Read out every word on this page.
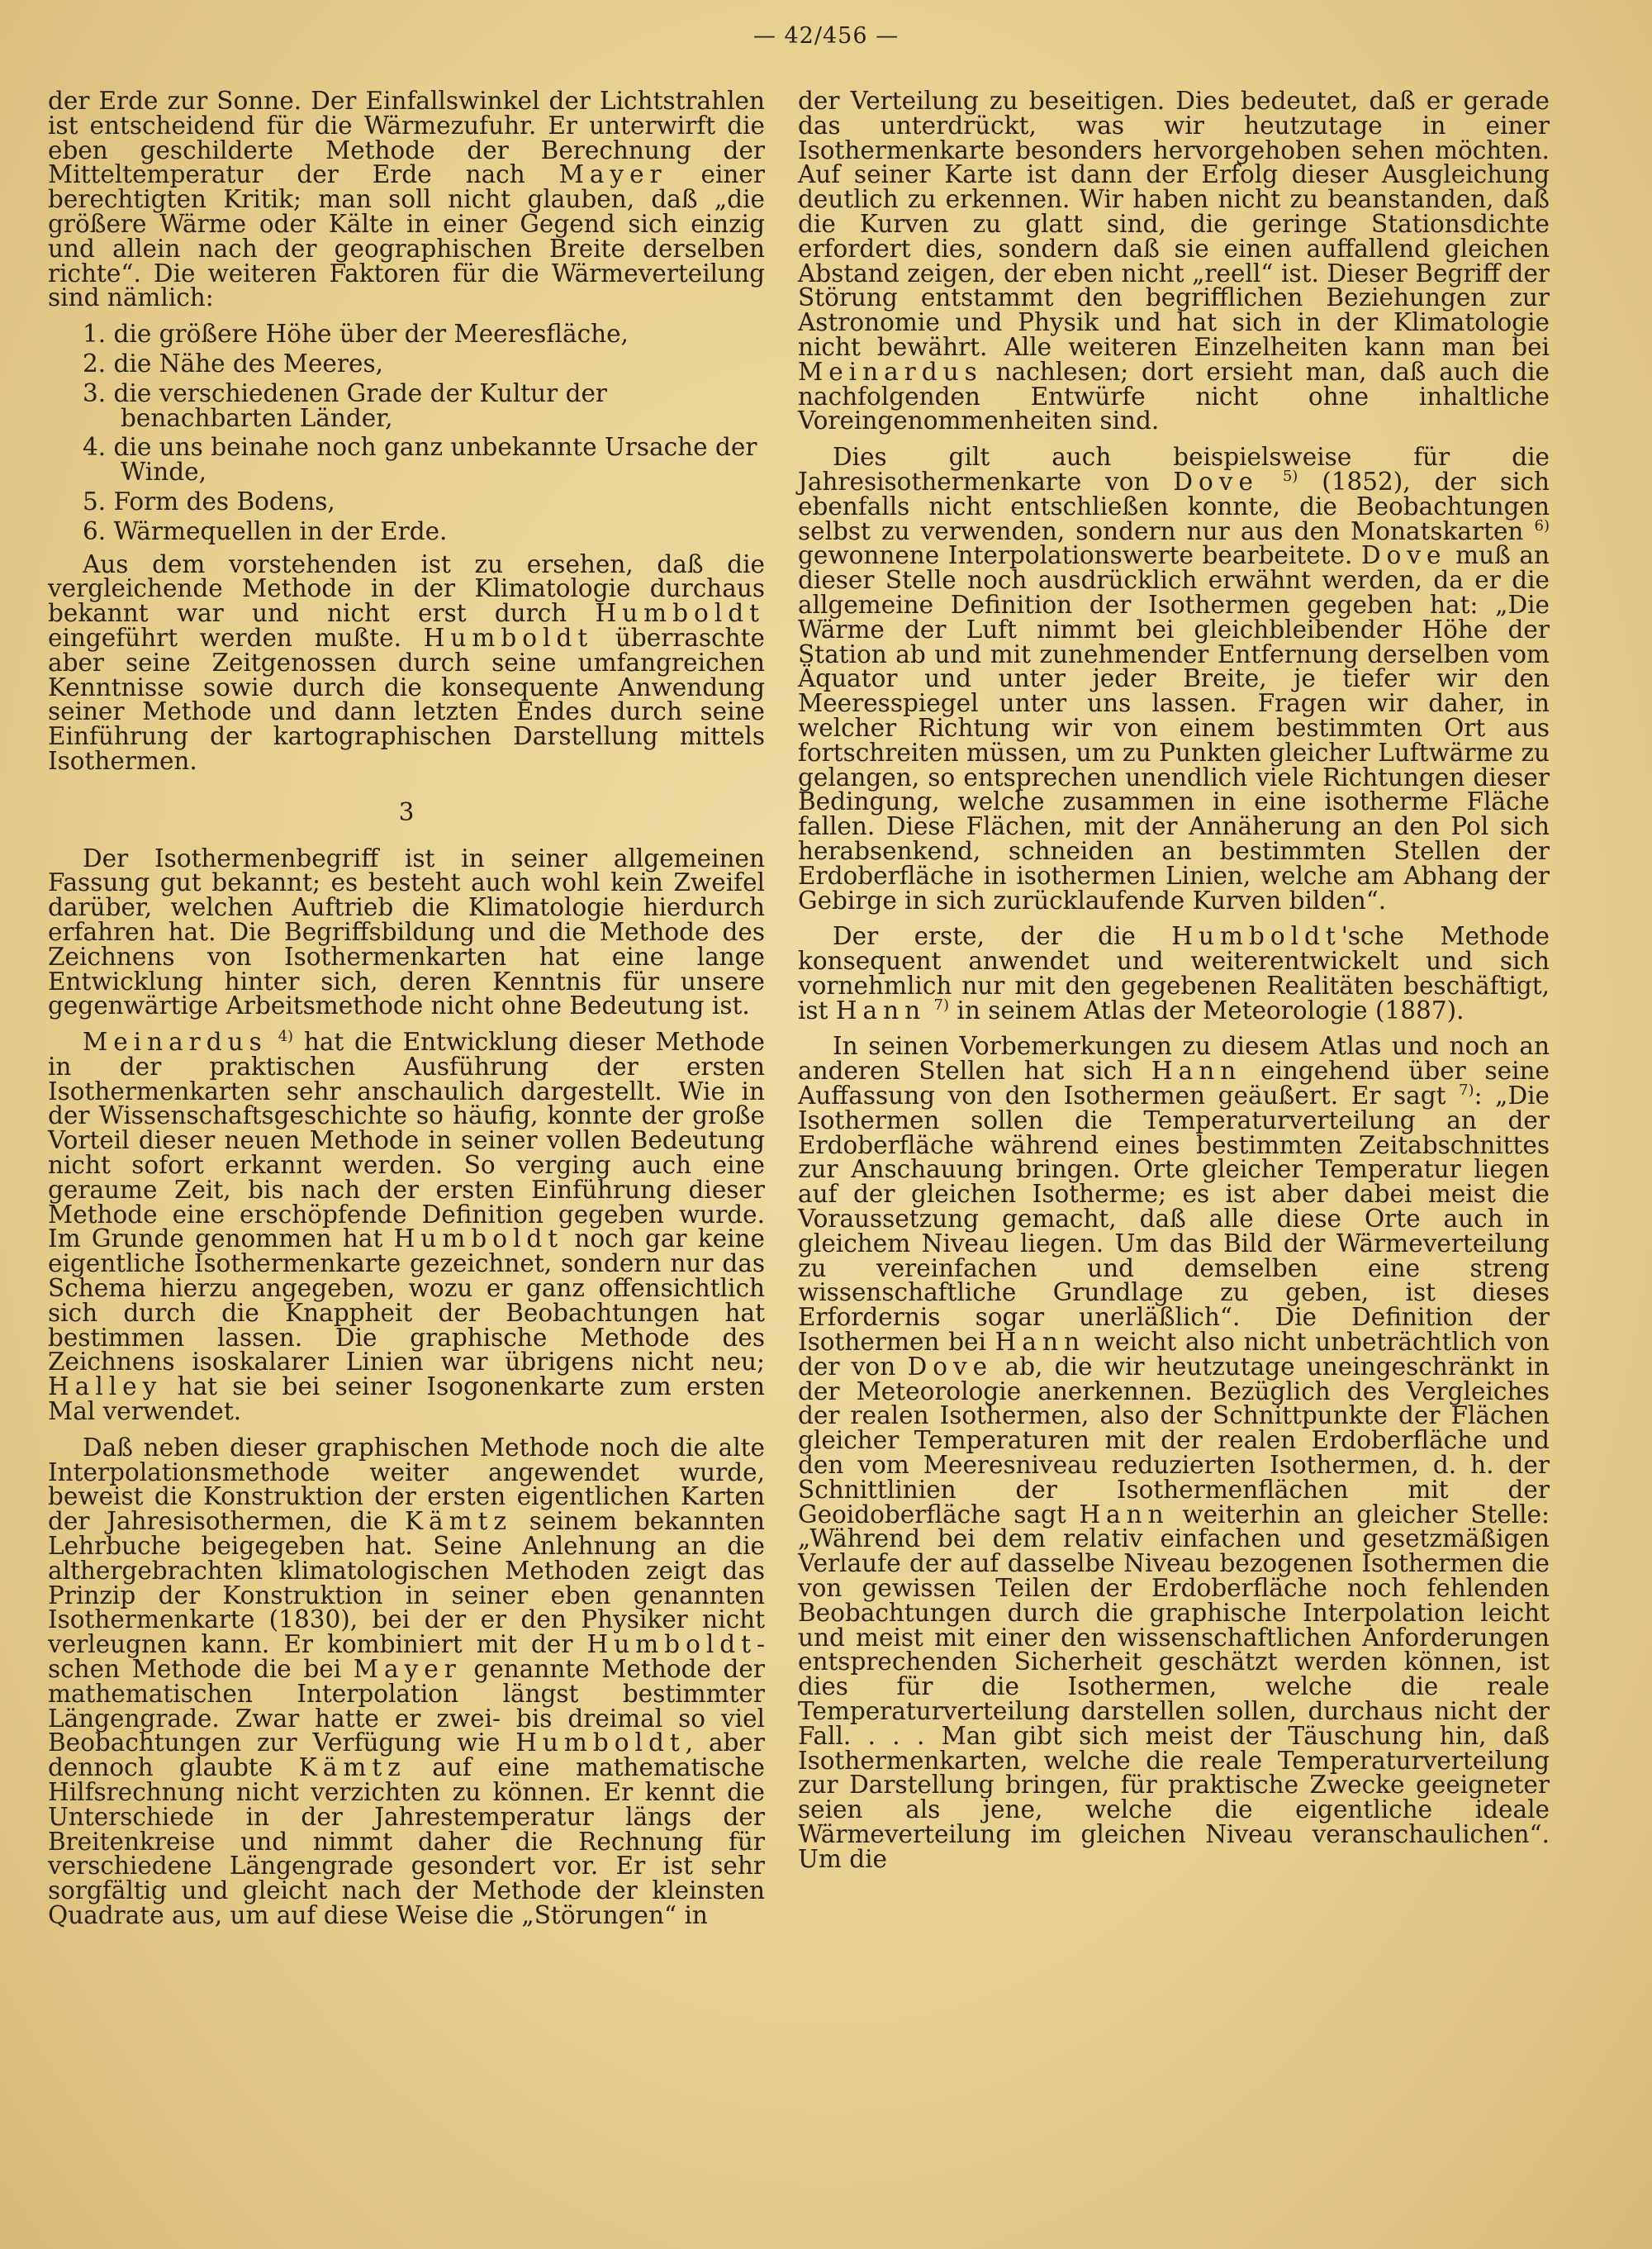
— 42/456 —

der Erde zur Sonne. Der Einfallswinkel der Lichtstrahlen ist entscheidend für die Wärmezufuhr. Er unterwirft die eben geschilderte Methode der Berechnung der Mitteltemperatur der Erde nach Mayer einer berechtigten Kritik; man soll nicht glauben, daß „die größere Wärme oder Kälte in einer Gegend sich einzig und allein nach der geographischen Breite derselben richte“. Die weiteren Faktoren für die Wärmeverteilung sind nämlich:

1. die größere Höhe über der Meeresfläche,
2. die Nähe des Meeres,
3. die verschiedenen Grade der Kultur der benachbarten Länder,
4. die uns beinahe noch ganz unbekannte Ursache der Winde,
5. Form des Bodens,
6. Wärmequellen in der Erde.

Aus dem vorstehenden ist zu ersehen, daß die vergleichende Methode in der Klimatologie durchaus bekannt war und nicht erst durch Humboldt eingeführt werden mußte. Humboldt überraschte aber seine Zeitgenossen durch seine umfangreichen Kenntnisse sowie durch die konsequente Anwendung seiner Methode und dann letzten Endes durch seine Einführung der kartographischen Darstellung mittels Isothermen.

3

Der Isothermenbegriff ist in seiner allgemeinen Fassung gut bekannt; es besteht auch wohl kein Zweifel darüber, welchen Auftrieb die Klimatologie hierdurch erfahren hat. Die Begriffsbildung und die Methode des Zeichnens von Isothermenkarten hat eine lange Entwicklung hinter sich, deren Kenntnis für unsere gegenwärtige Arbeitsmethode nicht ohne Bedeutung ist.

Meinardus $^{4)}$ hat die Entwicklung dieser Methode in der praktischen Ausführung der ersten Isothermenkarten sehr anschaulich dargestellt. Wie in der Wissenschaftsgeschichte so häufig, konnte der große Vorteil dieser neuen Methode in seiner vollen Bedeutung nicht sofort erkannt werden. So verging auch eine geraume Zeit, bis nach der ersten Einführung dieser Methode eine erschöpfende Definition gegeben wurde. Im Grunde genommen hat Humboldt noch gar keine eigentliche Isothermenkarte gezeichnet, sondern nur das Schema hierzu angegeben, wozu er ganz offensichtlich sich durch die Knappheit der Beobachtungen hat bestimmen lassen. Die graphische Methode des Zeichnens isoskalarer Linien war übrigens nicht neu; Halley hat sie bei seiner Isogonenkarte zum ersten Mal verwendet.

Daß neben dieser graphischen Methode noch die alte Interpolationsmethode weiter angewendet wurde, beweist die Konstruktion der ersten eigentlichen Karten der Jahresisothermen, die Kämtz seinem bekannten Lehrbuche beigegeben hat. Seine Anlehnung an die althergebrachten klimatologischen Methoden zeigt das Prinzip der Konstruktion in seiner eben genannten Isothermenkarte (1830), bei der er den Physiker nicht verleugnen kann. Er kombiniert mit der Humboldt-schen Methode die bei Mayer genannte Methode der mathematischen Interpolation längst bestimmter Längengrade. Zwar hatte er zwei- bis dreimal so viel Beobachtungen zur Verfügung wie Humboldt, aber dennoch glaubte Kämtz auf eine mathematische Hilfsrechnung nicht verzichten zu können. Er kennt die Unterschiede in der Jahrestemperatur längs der Breitenkreise und nimmt daher die Rechnung für verschiedene Längengrade gesondert vor. Er ist sehr sorgfältig und gleicht nach der Methode der kleinsten Quadrate aus, um auf diese Weise die „Störungen“ in

der Verteilung zu beseitigen. Dies bedeutet, daß er gerade das unterdrückt, was wir heutzutage in einer Isothermenkarte besonders hervorgehoben sehen möchten. Auf seiner Karte ist dann der Erfolg dieser Ausgleichung deutlich zu erkennen. Wir haben nicht zu beanstanden, daß die Kurven zu glatt sind, die geringe Stationsdichte erfordert dies, sondern daß sie einen auffallend gleichen Abstand zeigen, der eben nicht „reell“ ist. Dieser Begriff der Störung entstammt den begrifflichen Beziehungen zur Astronomie und Physik und hat sich in der Klimatologie nicht bewährt. Alle weiteren Einzelheiten kann man bei Meinardus nachlesen; dort ersieht man, daß auch die nachfolgenden Entwürfe nicht ohne inhaltliche Voreingenommenheiten sind.

Dies gilt auch beispielsweise für die Jahresisothermenkarte von Dove $^{5)}$ (1852), der sich ebenfalls nicht entschließen konnte, die Beobachtungen selbst zu verwenden, sondern nur aus den Monatskarten $^{6)}$ gewonnene Interpolationswerte bearbeitete. Dove muß an dieser Stelle noch ausdrücklich erwähnt werden, da er die allgemeine Definition der Isothermen gegeben hat: „Die Wärme der Luft nimmt bei gleichbleibender Höhe der Station ab und mit zunehmender Entfernung derselben vom Äquator und unter jeder Breite, je tiefer wir den Meeresspiegel unter uns lassen. Fragen wir daher, in welcher Richtung wir von einem bestimmten Ort aus fortschreiten müssen, um zu Punkten gleicher Luftwärme zu gelangen, so entsprechen unendlich viele Richtungen dieser Bedingung, welche zusammen in eine isotherme Fläche fallen. Diese Flächen, mit der Annäherung an den Pol sich herabsenkend, schneiden an bestimmten Stellen der Erdoberfläche in isothermen Linien, welche am Abhang der Gebirge in sich zurücklaufende Kurven bilden“.

Der erste, der die Humboldt'sche Methode konsequent anwendet und weiterentwickelt und sich vornehmlich nur mit den gegebenen Realitäten beschäftigt, ist Hann $^{7)}$ in seinem Atlas der Meteorologie (1887).

In seinen Vorbemerkungen zu diesem Atlas und noch an anderen Stellen hat sich Hann eingehend über seine Auffassung von den Isothermen geäußert. Er sagt $^{7)}$: „Die Isothermen sollen die Temperaturverteilung an der Erdoberfläche während eines bestimmten Zeitabschnittes zur Anschauung bringen. Orte gleicher Temperatur liegen auf der gleichen Isotherme; es ist aber dabei meist die Voraussetzung gemacht, daß alle diese Orte auch in gleichem Niveau liegen. Um das Bild der Wärmeverteilung zu vereinfachen und demselben eine streng wissenschaftliche Grundlage zu geben, ist dieses Erfordernis sogar unerläßlich“. Die Definition der Isothermen bei Hann weicht also nicht unbeträchtlich von der von Dove ab, die wir heutzutage uneingeschränkt in der Meteorologie anerkennen. Bezüglich des Vergleiches der realen Isothermen, also der Schnittpunkte der Flächen gleicher Temperaturen mit der realen Erdoberfläche und den vom Meeresniveau reduzierten Isothermen, d. h. der Schnittlinien der Isothermenflächen mit der Geoidoberfläche sagt Hann weiterhin an gleicher Stelle: „Während bei dem relativ einfachen und gesetzmäßigen Verlaufe der auf dasselbe Niveau bezogenen Isothermen die von gewissen Teilen der Erdoberfläche noch fehlenden Beobachtungen durch die graphische Interpolation leicht und meist mit einer den wissenschaftlichen Anforderungen entsprechenden Sicherheit geschätzt werden können, ist dies für die Isothermen, welche die reale Temperaturverteilung darstellen sollen, durchaus nicht der Fall. . . . Man gibt sich meist der Täuschung hin, daß Isothermenkarten, welche die reale Temperaturverteilung zur Darstellung bringen, für praktische Zwecke geeigneter seien als jene, welche die eigentliche ideale Wärmeverteilung im gleichen Niveau veranschaulichen“. Um die
